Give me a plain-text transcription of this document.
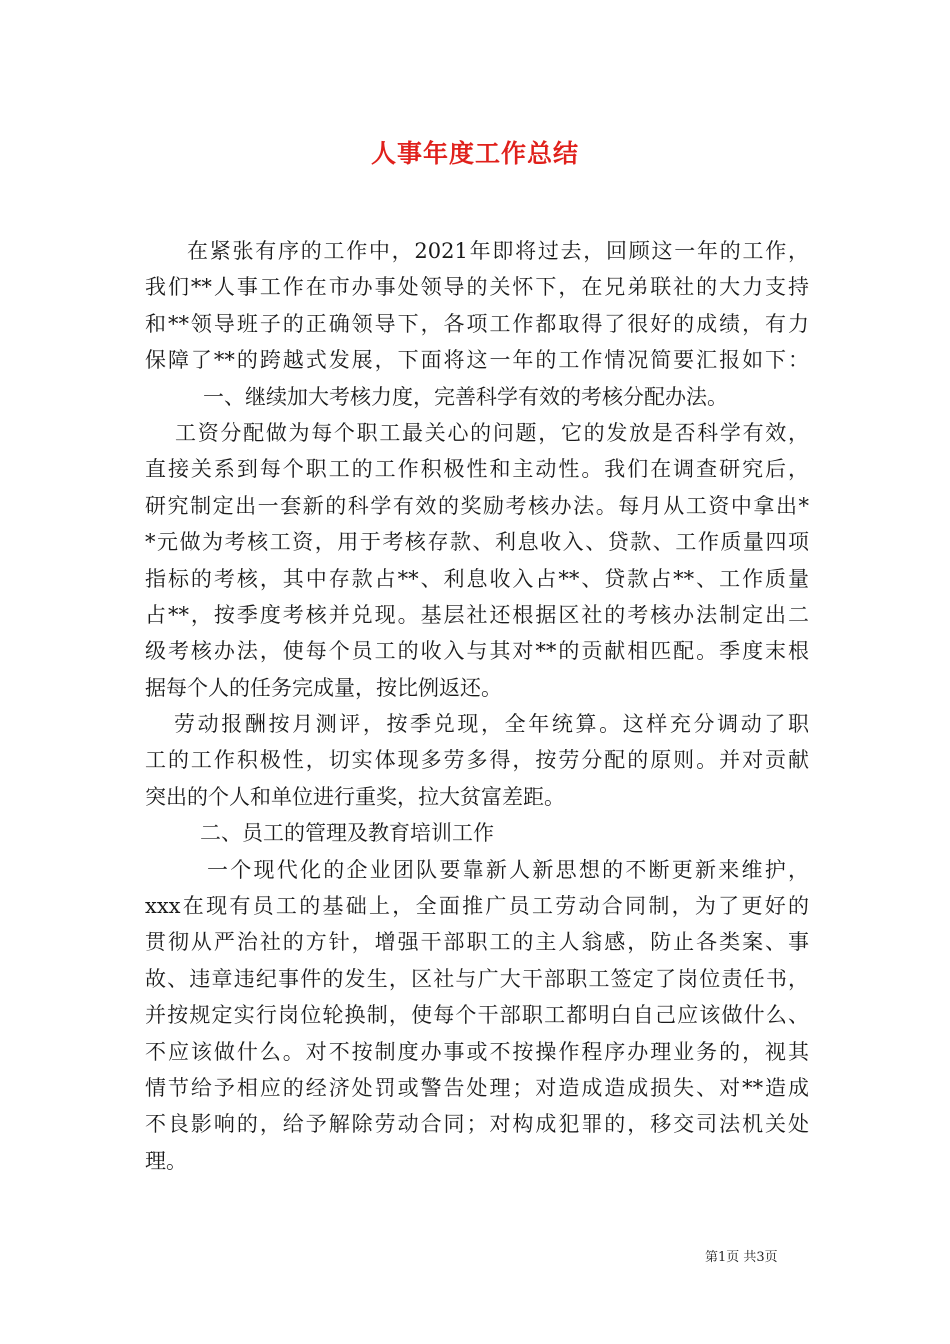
人事年度工作总结
在紧张有序的工作中，2021年即将过去，回顾这一年的工作，
我们**人事工作在市办事处领导的关怀下，在兄弟联社的大力支持
和**领导班子的正确领导下，各项工作都取得了很好的成绩，有力
保障了**的跨越式发展，下面将这一年的工作情况简要汇报如下：
一、继续加大考核力度，完善科学有效的考核分配办法。
工资分配做为每个职工最关心的问题，它的发放是否科学有效，
直接关系到每个职工的工作积极性和主动性。我们在调查研究后，
研究制定出一套新的科学有效的奖励考核办法。每月从工资中拿出*
*元做为考核工资，用于考核存款、利息收入、贷款、工作质量四项
指标的考核，其中存款占**、利息收入占**、贷款占**、工作质量
占**，按季度考核并兑现。基层社还根据区社的考核办法制定出二
级考核办法，使每个员工的收入与其对**的贡献相匹配。季度末根
据每个人的任务完成量，按比例返还。
劳动报酬按月测评，按季兑现，全年统算。这样充分调动了职
工的工作积极性，切实体现多劳多得，按劳分配的原则。并对贡献
突出的个人和单位进行重奖，拉大贫富差距。
二、员工的管理及教育培训工作
一个现代化的企业团队要靠新人新思想的不断更新来维护，
xxx在现有员工的基础上，全面推广员工劳动合同制，为了更好的
贯彻从严治社的方针，增强干部职工的主人翁感，防止各类案、事
故、违章违纪事件的发生，区社与广大干部职工签定了岗位责任书，
并按规定实行岗位轮换制，使每个干部职工都明白自己应该做什么、
不应该做什么。对不按制度办事或不按操作程序办理业务的，视其
情节给予相应的经济处罚或警告处理；对造成造成损失、对**造成
不良影响的，给予解除劳动合同；对构成犯罪的，移交司法机关处
理。
第1页 共3页
